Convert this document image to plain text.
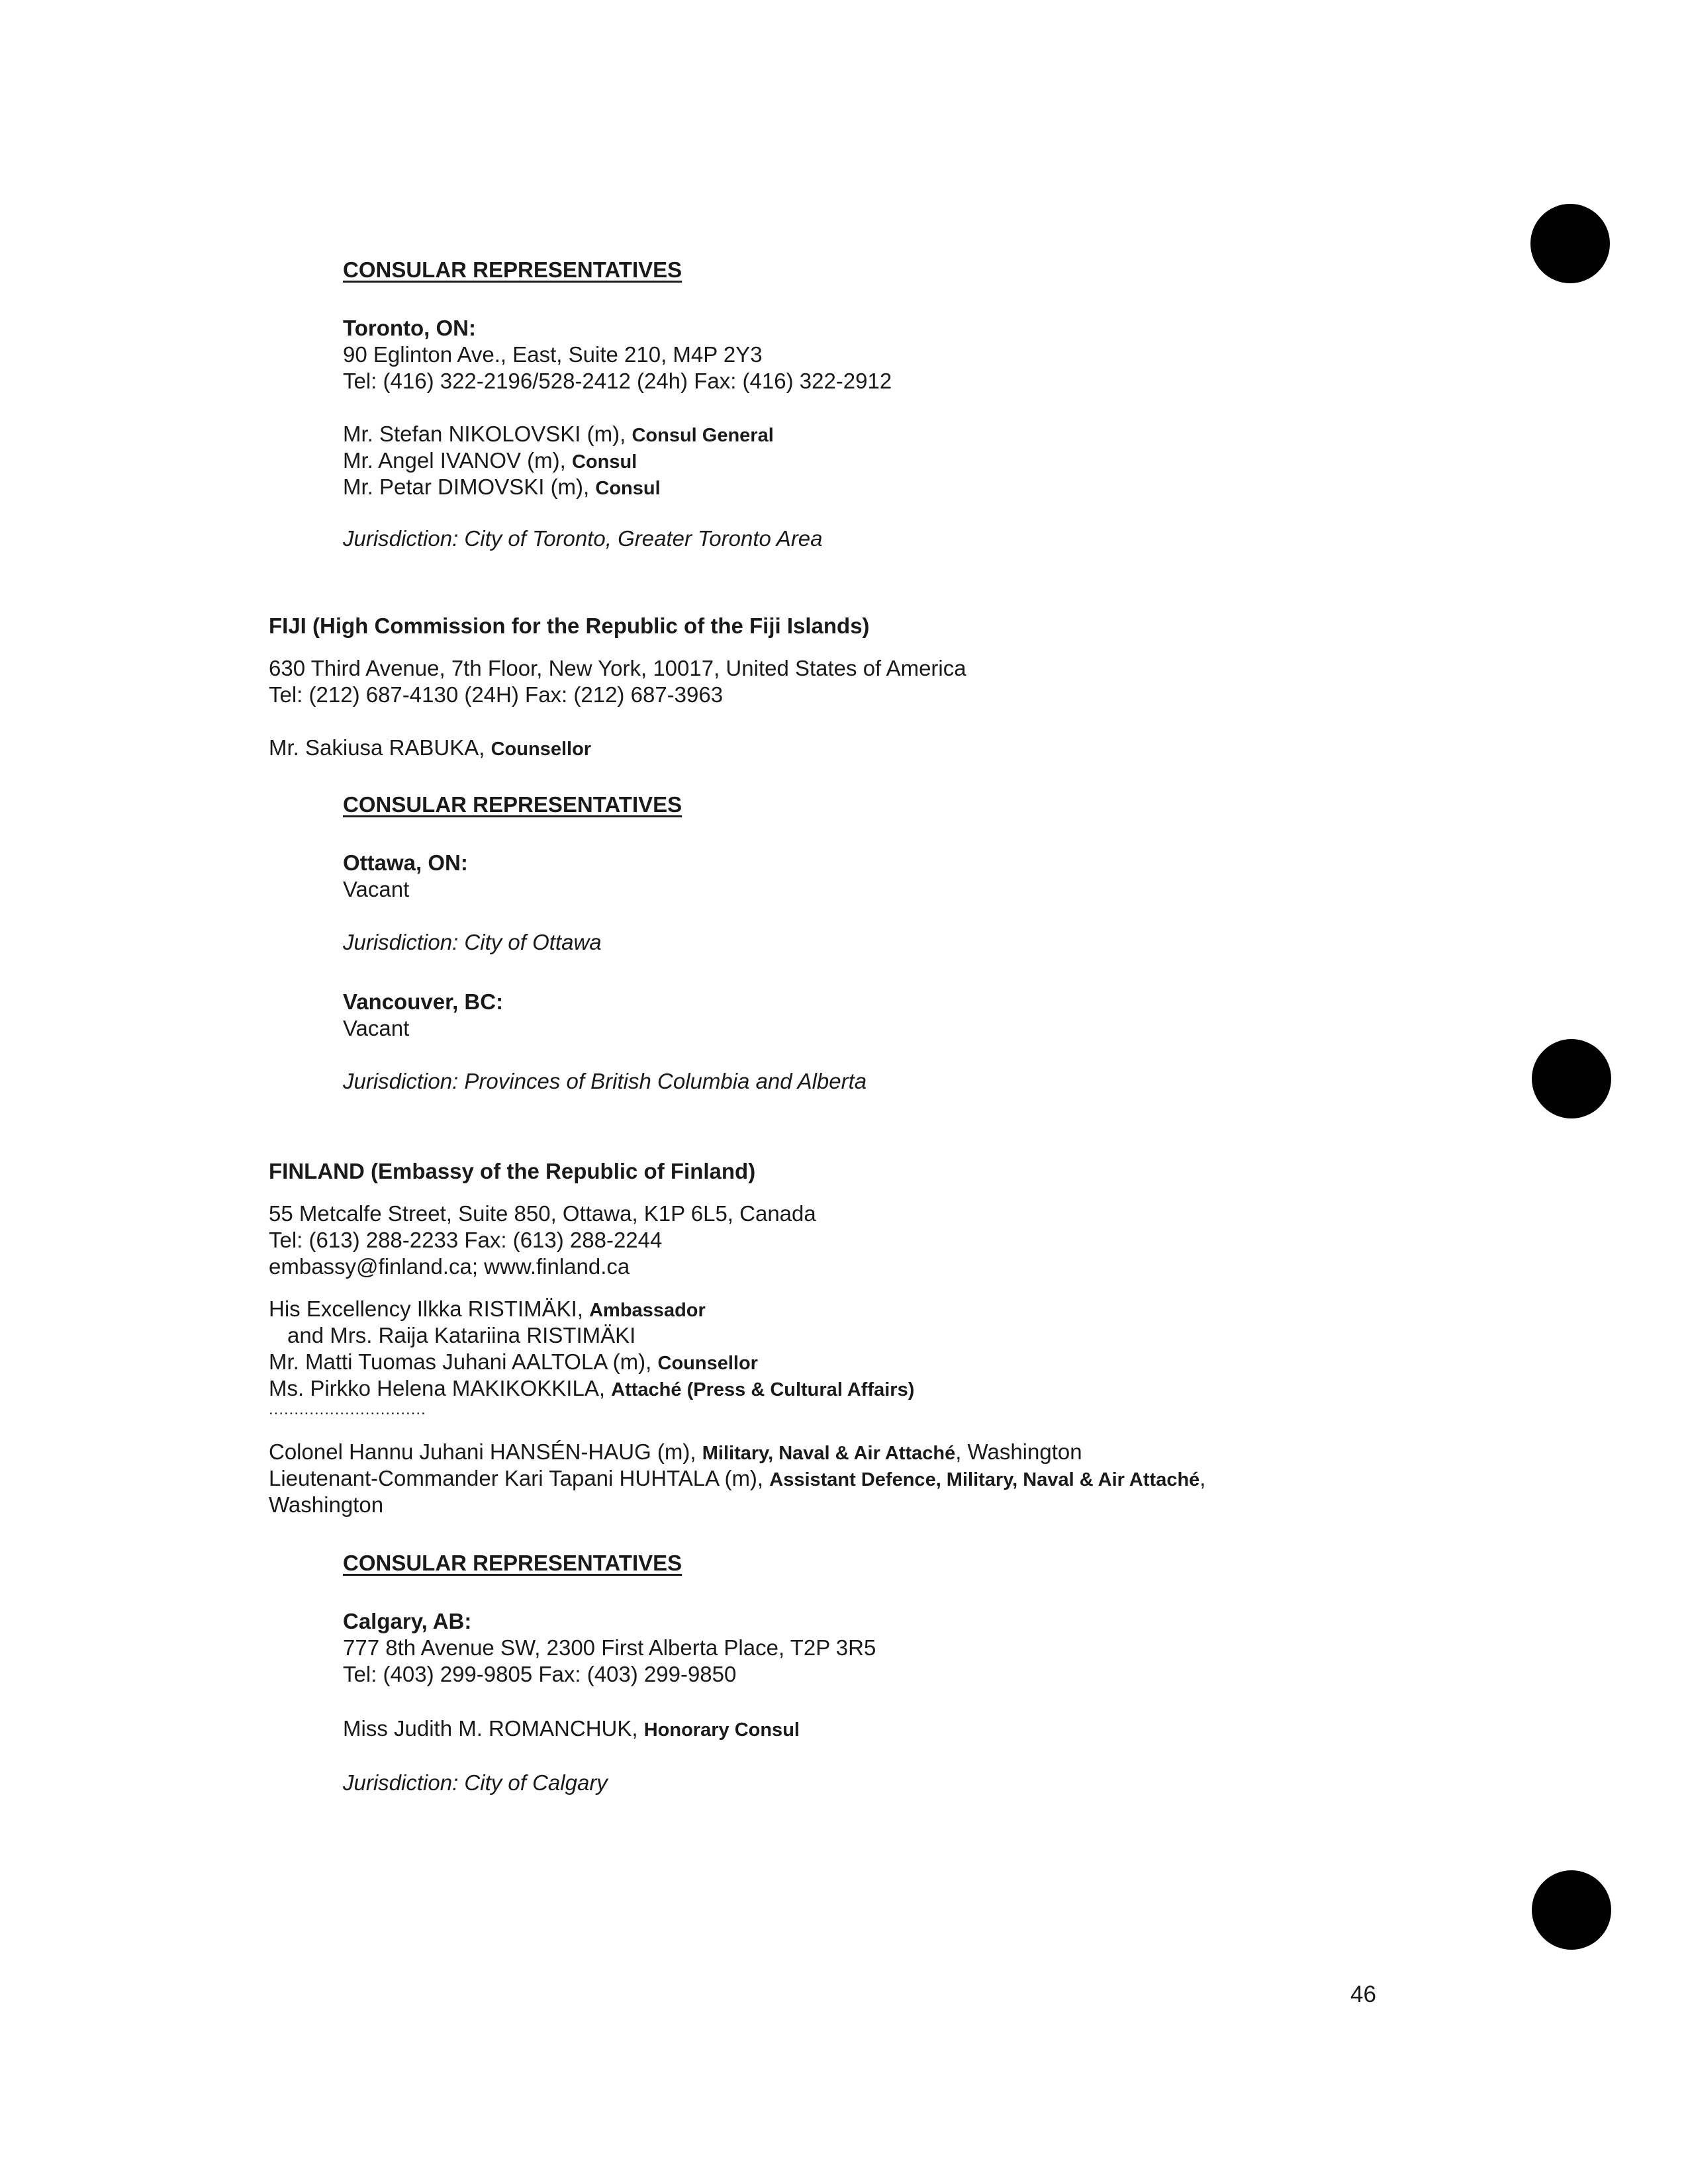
CONSULAR REPRESENTATIVES
Toronto, ON:
90 Eglinton Ave., East, Suite 210, M4P 2Y3
Tel: (416) 322-2196/528-2412 (24h) Fax: (416) 322-2912
Mr. Stefan NIKOLOVSKI (m), Consul General
Mr. Angel IVANOV (m), Consul
Mr. Petar DIMOVSKI (m), Consul
Jurisdiction: City of Toronto, Greater Toronto Area
FIJI (High Commission for the Republic of the Fiji Islands)
630 Third Avenue, 7th Floor, New York, 10017, United States of America
Tel: (212) 687-4130 (24H) Fax: (212) 687-3963
Mr. Sakiusa RABUKA, Counsellor
CONSULAR REPRESENTATIVES
Ottawa, ON:
Vacant
Jurisdiction: City of Ottawa
Vancouver, BC:
Vacant
Jurisdiction: Provinces of British Columbia and Alberta
FINLAND (Embassy of the Republic of Finland)
55 Metcalfe Street, Suite 850, Ottawa, K1P 6L5, Canada
Tel: (613) 288-2233 Fax: (613) 288-2244
embassy@finland.ca; www.finland.ca
His Excellency Ilkka RISTIMÄKI, Ambassador
and Mrs. Raija Katariina RISTIMÄKI
Mr. Matti Tuomas Juhani AALTOLA (m), Counsellor
Ms. Pirkko Helena MAKIKOKKILA, Attaché (Press & Cultural Affairs)
...............................
Colonel Hannu Juhani HANSÉN-HAUG (m), Military, Naval & Air Attaché, Washington
Lieutenant-Commander Kari Tapani HUHTALA (m), Assistant Defence, Military, Naval & Air Attaché,
Washington
CONSULAR REPRESENTATIVES
Calgary, AB:
777 8th Avenue SW, 2300 First Alberta Place, T2P 3R5
Tel: (403) 299-9805 Fax: (403) 299-9850
Miss Judith M. ROMANCHUK, Honorary Consul
Jurisdiction: City of Calgary
46
